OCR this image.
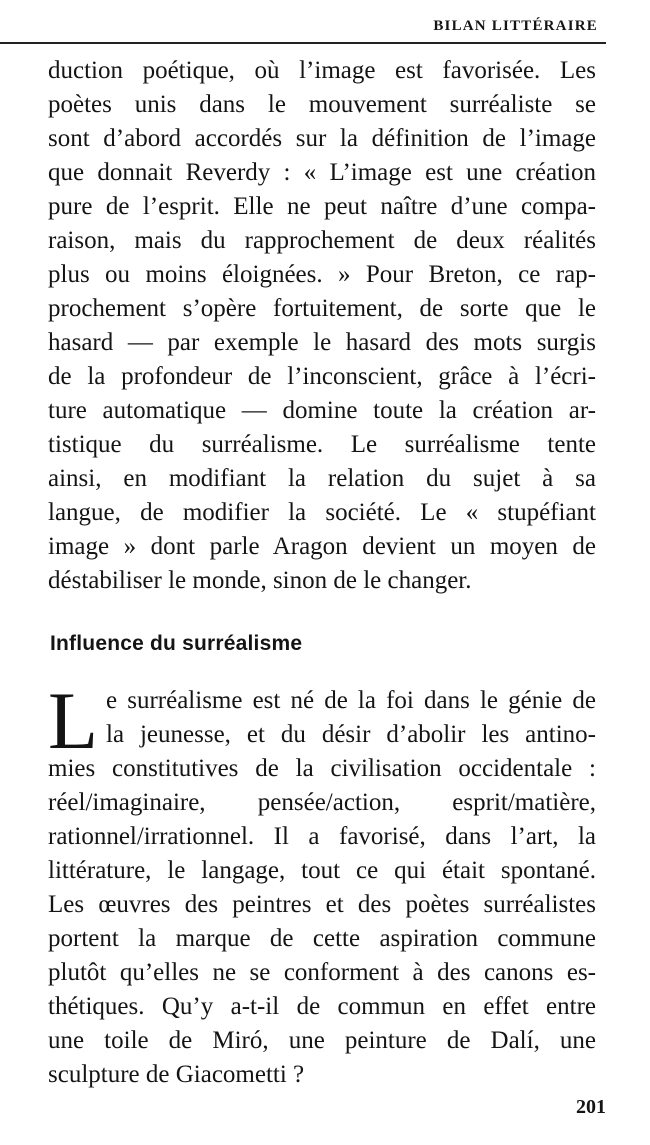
BILAN LITTÉRAIRE
duction poétique, où l’image est favorisée. Les
poètes unis dans le mouvement surréaliste se
sont d’abord accordés sur la définition de l’image
que donnait Reverdy : « L’image est une création
pure de l’esprit. Elle ne peut naître d’une compa-
raison, mais du rapprochement de deux réalités
plus ou moins éloignées. » Pour Breton, ce rap-
prochement s’opère fortuitement, de sorte que le
hasard — par exemple le hasard des mots surgis
de la profondeur de l’inconscient, grâce à l’écri-
ture automatique — domine toute la création ar-
tistique du surréalisme. Le surréalisme tente
ainsi, en modifiant la relation du sujet à sa
langue, de modifier la société. Le « stupéfiant
image » dont parle Aragon devient un moyen de
déstabiliser le monde, sinon de le changer.
Influence du surréalisme
L e surréalisme est né de la foi dans le génie de
la jeunesse, et du désir d’abolir les antino-
mies constitutives de la civilisation occidentale :
réel/imaginaire, pensée/action, esprit/matière,
rationnel/irrationnel. Il a favorisé, dans l’art, la
littérature, le langage, tout ce qui était spontané.
Les œuvres des peintres et des poètes surréalistes
portent la marque de cette aspiration commune
plutôt qu’elles ne se conforment à des canons es-
thétiques. Qu’y a-t-il de commun en effet entre
une toile de Miró, une peinture de Dalí, une
sculpture de Giacometti ?
201
